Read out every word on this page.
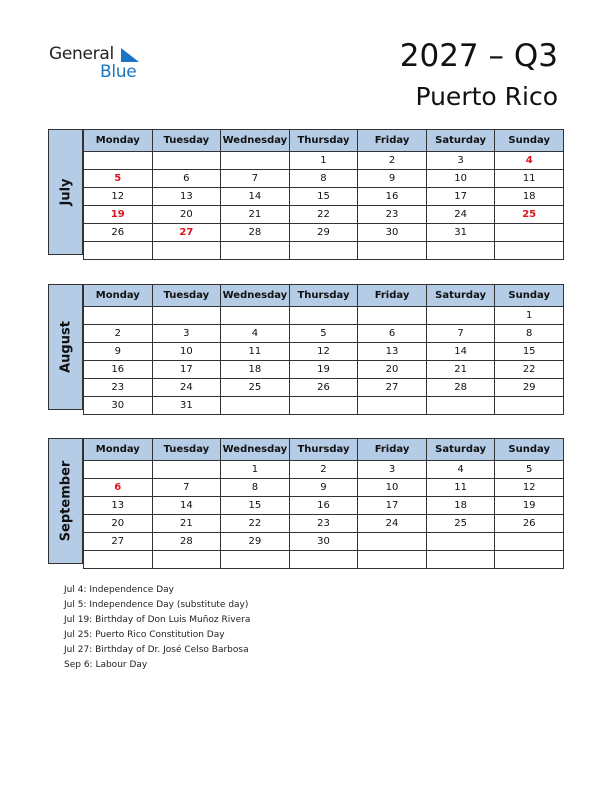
General
Blue	2027 – Q3
Puerto Rico
July
Monday	Tuesday	Wednesday	Thursday	Friday	Saturday	Sunday
			1	2	3	4
5	6	7	8	9	10	11
12	13	14	15	16	17	18
19	20	21	22	23	24	25
26	27	28	29	30	31	

August
Monday	Tuesday	Wednesday	Thursday	Friday	Saturday	Sunday
						1
2	3	4	5	6	7	8
9	10	11	12	13	14	15
16	17	18	19	20	21	22
23	24	25	26	27	28	29
30	31					
September
Monday	Tuesday	Wednesday	Thursday	Friday	Saturday	Sunday
		1	2	3	4	5
6	7	8	9	10	11	12
13	14	15	16	17	18	19
20	21	22	23	24	25	26
27	28	29	30			

Jul 4: Independence Day
Jul 5: Independence Day (substitute day)
Jul 19: Birthday of Don Luis Muñoz Rivera
Jul 25: Puerto Rico Constitution Day
Jul 27: Birthday of Dr. José Celso Barbosa
Sep 6: Labour Day
